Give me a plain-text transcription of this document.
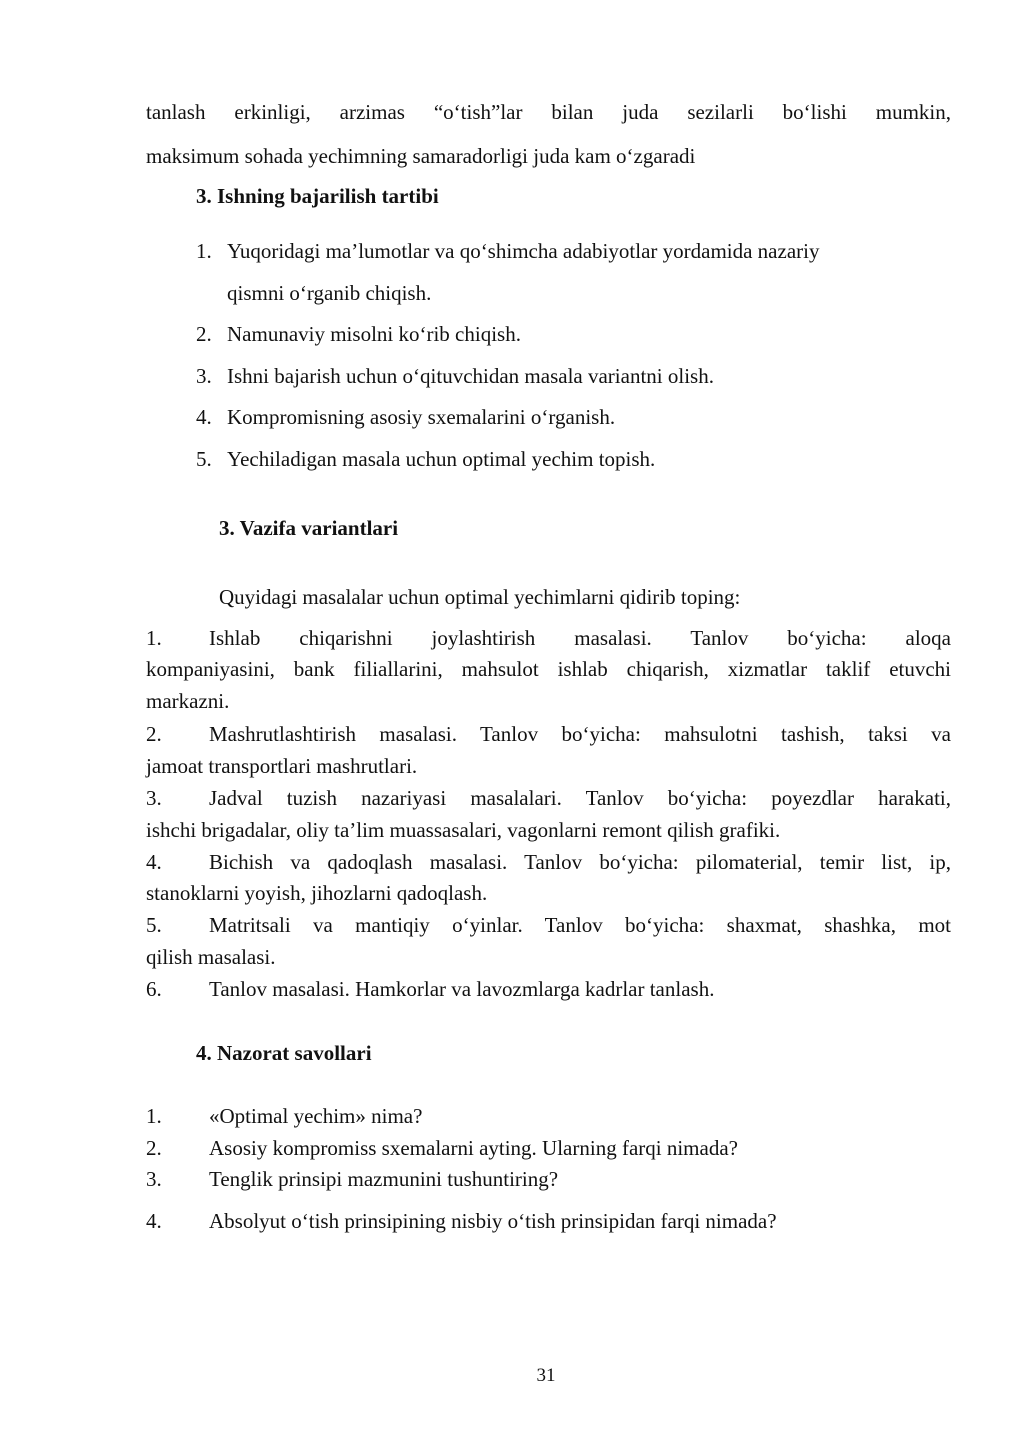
tanlash erkinligi, arzimas “o‘tish”lar bilan juda sezilarli bo‘lishi mumkin,
maksimum sohada yechimning samaradorligi juda kam o‘zgaradi
3. Ishning bajarilish tartibi
1. Yuqoridagi ma’lumotlar va qo‘shimcha adabiyotlar yordamida nazariy
qismni o‘rganib chiqish.
2. Namunaviy misolni ko‘rib chiqish.
3. Ishni bajarish uchun o‘qituvchidan masala variantni olish.
4. Kompromisning asosiy sxemalarini o‘rganish.
5. Yechiladigan masala uchun optimal yechim topish.
3. Vazifa variantlari
Quyidagi masalalar uchun optimal yechimlarni qidirib toping:
1. Ishlab chiqarishni joylashtirish masalasi. Tanlov bo‘yicha: aloqa
kompaniyasini, bank filiallarini, mahsulot ishlab chiqarish, xizmatlar taklif etuvchi
markazni.
2. Mashrutlashtirish masalasi. Tanlov bo‘yicha: mahsulotni tashish, taksi va
jamoat transportlari mashrutlari.
3. Jadval tuzish nazariyasi masalalari. Tanlov bo‘yicha: poyezdlar harakati,
ishchi brigadalar, oliy ta’lim muassasalari, vagonlarni remont qilish grafiki.
4. Bichish va qadoqlash masalasi. Tanlov bo‘yicha: pilomaterial, temir list, ip,
stanoklarni yoyish, jihozlarni qadoqlash.
5. Matritsali va mantiqiy o‘yinlar. Tanlov bo‘yicha: shaxmat, shashka, mot
qilish masalasi.
6. Tanlov masalasi. Hamkorlar va lavozmlarga kadrlar tanlash.
4. Nazorat savollari
1. «Optimal yechim» nima?
2. Asosiy kompromiss sxemalarni ayting. Ularning farqi nimada?
3. Tenglik prinsipi mazmunini tushuntiring?
4. Absolyut o‘tish prinsipining nisbiy o‘tish prinsipidan farqi nimada?
31
